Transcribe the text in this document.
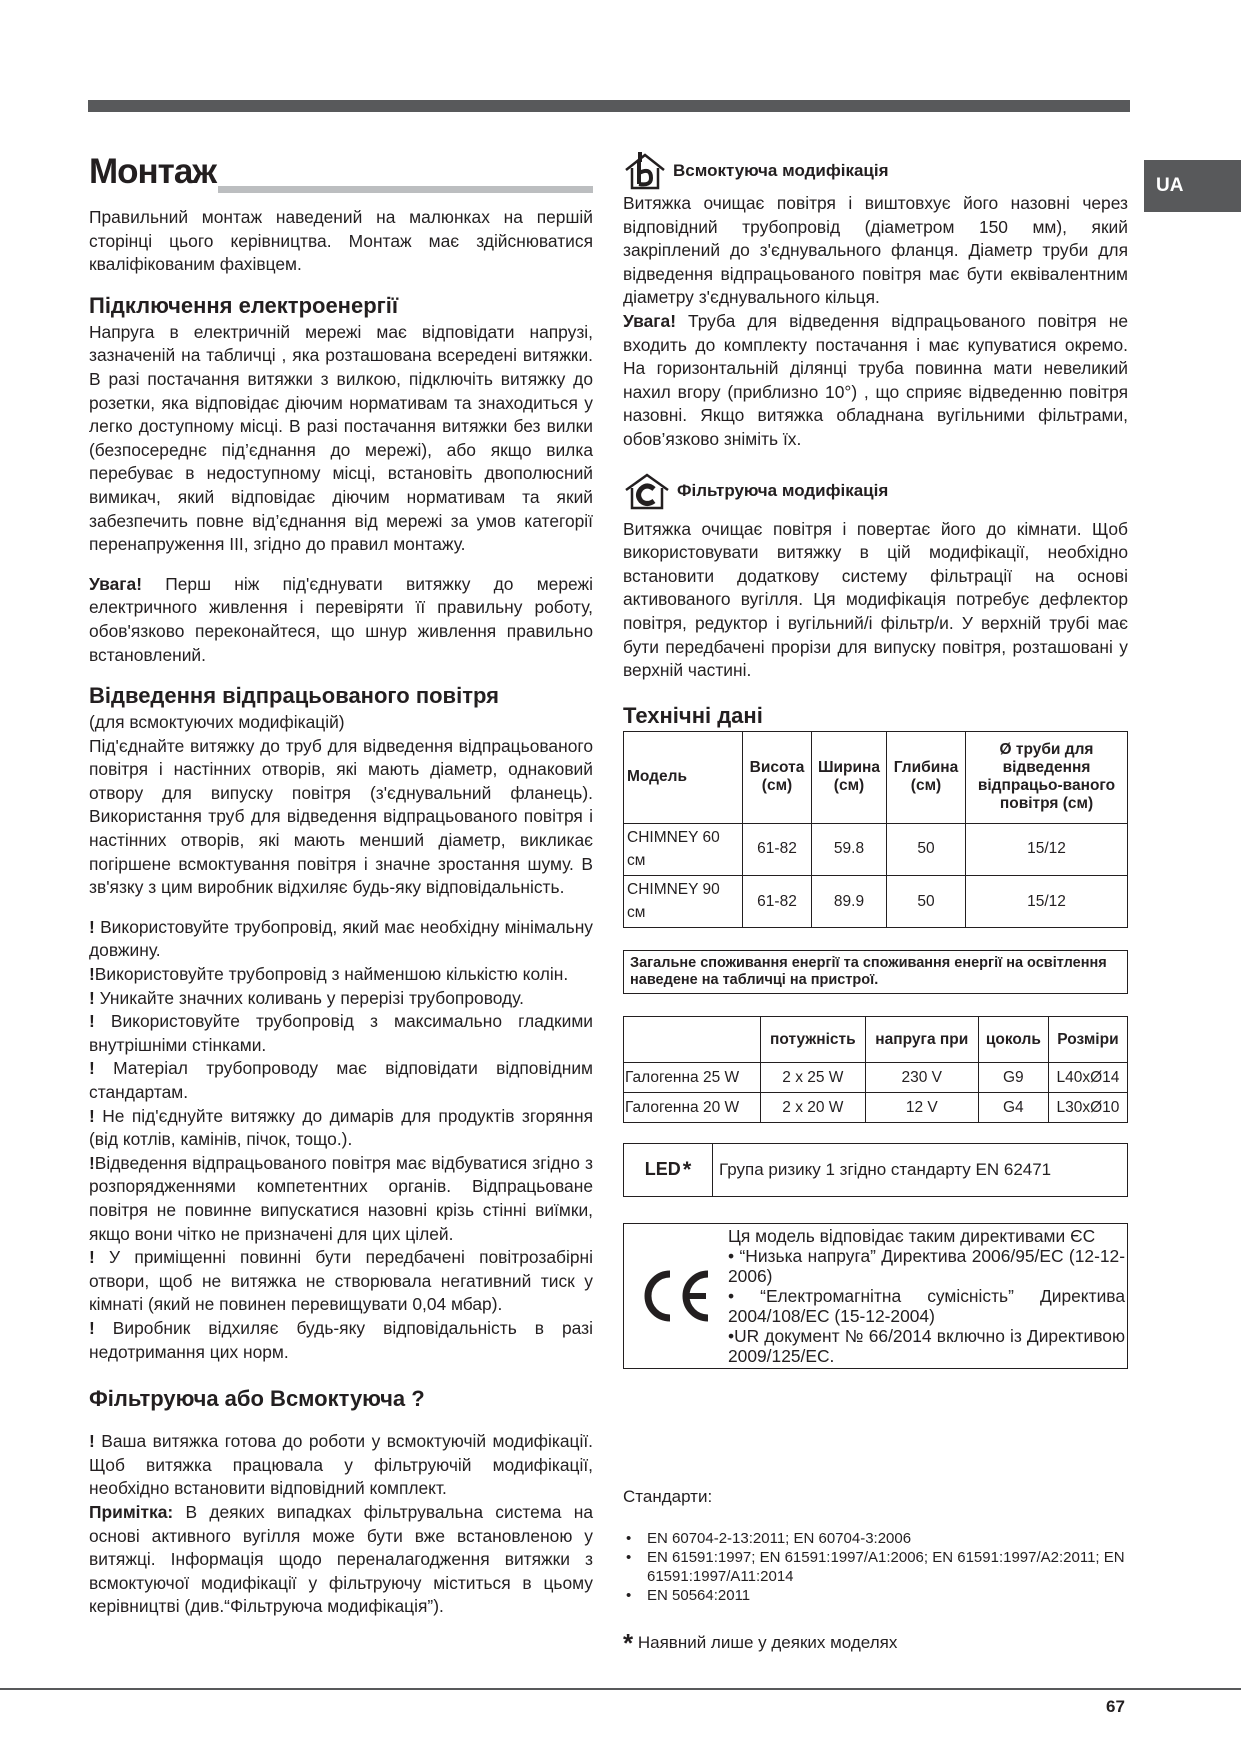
UA
Монтаж

Правильний монтаж наведений на малюнках на першій сторінці цього керівництва. Монтаж має здійснюватися кваліфікованим фахівцем.

Підключення електроенергії

Напруга в електричній мережі має відповідати напрузі, зазначеній на табличці , яка розташована всередені витяжки. В разі постачання витяжки з вилкою, підключіть витяжку до розетки, яка відповідає діючим нормативам та знаходиться у легко доступному місці. В разі постачання витяжки без вилки (безпосереднє під’єднання до мережі), або якщо вилка перебуває в недоступному місці, встановіть двополюсний вимикач, який відповідає діючим нормативам та який забезпечить повне від’єднання від мережі за умов категорії перенапруження III, згідно до правил монтажу.

Увага! Перш ніж під'єднувати витяжку до мережі електричного живлення і перевіряти її правильну роботу, обов'язково переконайтеся, що шнур живлення правильно встановлений.

Відведення відпрацьованого повітря

(для всмоктуючих модифікацій)

Під'єднайте витяжку до труб для відведення відпрацьованого повітря і настінних отворів, які мають діаметр, однаковий отвору для випуску повітря (з'єднувальний фланець). Використання труб для відведення відпрацьованого повітря і настінних отворів, які мають менший діаметр, викликає погіршене всмоктування повітря і значне зростання шуму. В зв'язку з цим виробник відхиляє будь-яку відповідальність.

! Використовуйте трубопровід, який має необхідну мінімальну довжину.

!Використовуйте трубопровід з найменшою кількістю колін.

! Уникайте значних коливань у перерізі трубопроводу.

! Використовуйте трубопровід з максимально гладкими внутрішніми стінками.

! Матеріал трубопроводу має відповідати відповідним стандартам.

! Не під'єднуйте витяжку до димарів для продуктів згоряння (від котлів, камінів, пічок, тощо.).

!Відведення відпрацьованого повітря має відбуватися згідно з розпорядженнями компетентних органів. Відпрацьоване повітря не повинне випускатися назовні крізь стінні виїмки, якщо вони чітко не призначені для цих цілей.

! У приміщенні повинні бути передбачені повітрозабірні отвори, щоб не витяжка не створювала негативний тиск у кімнаті (який не повинен перевищувати 0,04 мбар).

! Виробник відхиляє будь-яку відповідальність в разі недотримання цих норм.

Фільтруюча або Всмоктуюча ?

! Ваша витяжка готова до роботи у всмоктуючій модифікації. Щоб витяжка працювала у фільтруючій модифікації, необхідно встановити відповідний комплект.

Примітка: В деяких випадках фільтрувальна система на основі активного вугілля може бути вже встановленою у витяжці. Інформація щодо переналагодження витяжки з всмоктуючої модифікації у фільтруючу міститься в цьому керівництві (див.“Фільтруюча модифікація”).

Всмоктуюча модифікація

Витяжка очищає повітря і виштовхує його назовні через відповідний трубопровід (діаметром 150 мм), який закріплений до з'єднувального фланця. Діаметр труби для відведення відпрацьованого повітря має бути еквівалентним діаметру з'єднувального кільця.

Увага! Труба для відведення відпрацьованого повітря не входить до комплекту постачання і має купуватися окремо. На горизонтальній ділянці труба повинна мати невеликий нахил вгору (приблизно 10°) , що сприяє відведенню повітря назовні. Якщо витяжка обладнана вугільними фільтрами, обов’язково зніміть їх.

Фільтруюча модифікація

Витяжка очищає повітря і повертає його до кімнати. Щоб використовувати витяжку в цій модифікації, необхідно встановити додаткову систему фільтрації на основі активованого вугілля. Ця модифікація потребує дефлектор повітря, редуктор і вугільний/і фільтр/и. У верхній трубі має бути передбачені прорізи для випуску повітря, розташовані у верхній частині.

Технічні дані
Модель	Висота (см)	Ширина (см)	Глибина (см)	Ø труби для відведення відпрацьо-ваного повітря (см)
CHIMNEY 60 см	61-82	59.8	50	15/12
CHIMNEY 90 см	61-82	89.9	50	15/12
Загальне споживання енергії та споживання енергії на освітлення наведене на табличці на пристрої.
	потужність	напруга при	цоколь	Розміри
Галогенна 25 W	2 x 25 W	230 V	G9	L40xØ14
Галогенна 20 W	2 x 20 W	12 V	G4	L30xØ10
LED *	Група ризику 1 згідно стандарту EN 62471

Ця модель відповідає таким директивами ЄС

• “Низька напруга” Директива 2006/95/EC (12-12-2006)

• “Електромагнітна сумісність” Директива 2004/108/EC (15-12-2004)

•UR документ № 66/2014 включно із Директивою 2009/125/EC.

Стандарти:

• EN 60704-2-13:2011; EN 60704-3:2006
• EN 61591:1997; EN 61591:1997/A1:2006; EN 61591:1997/A2:2011; EN 61591:1997/A11:2014
• EN 50564:2011

* Наявний лише у деяких моделях

67
